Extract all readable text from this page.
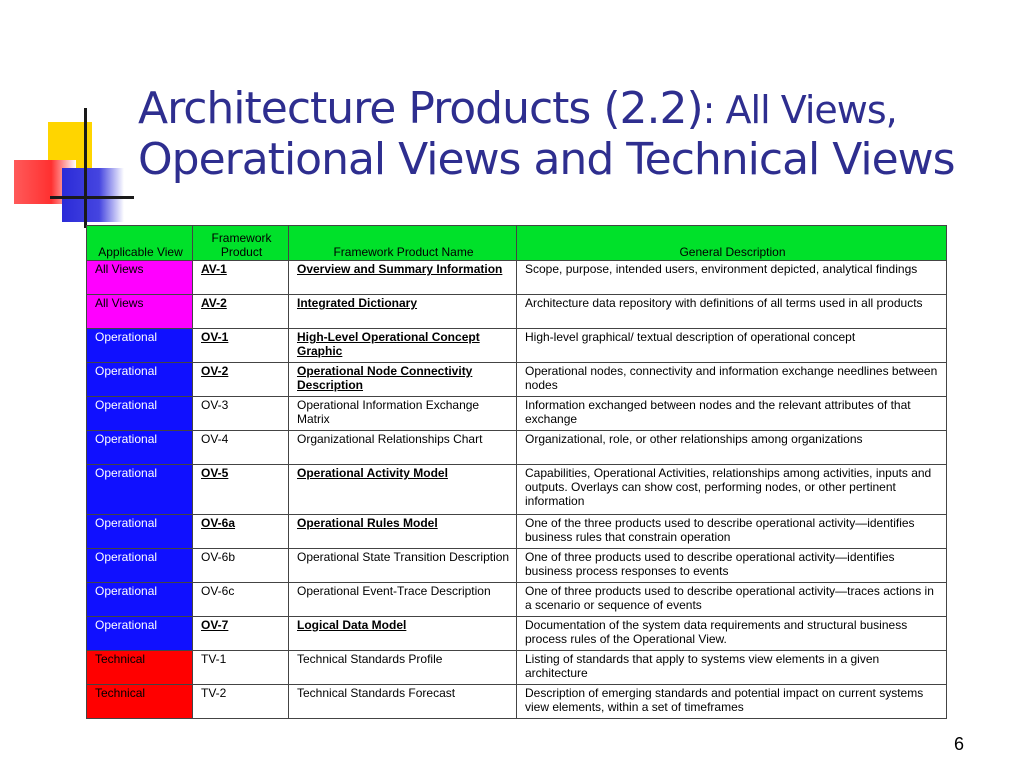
Architecture Products (2.2): All Views,
Operational Views and Technical Views
Applicable View	Framework Product	Framework Product Name	General Description
All Views	AV-1	Overview and Summary Information	Scope, purpose, intended users, environment depicted, analytical findings
All Views	AV-2	Integrated Dictionary	Architecture data repository with definitions of all terms used in all products
Operational	OV-1	High-Level Operational Concept Graphic	High-level graphical/ textual description of operational concept
Operational	OV-2	Operational Node Connectivity Description	Operational nodes, connectivity and information exchange needlines between nodes
Operational	OV-3	Operational Information Exchange Matrix	Information exchanged between nodes and the relevant attributes of that exchange
Operational	OV-4	Organizational Relationships Chart	Organizational, role, or other relationships among organizations
Operational	OV-5	Operational Activity Model	Capabilities, Operational Activities, relationships among activities, inputs and outputs. Overlays can show cost, performing nodes, or other pertinent information
Operational	OV-6a	Operational Rules Model	One of the three products used to describe operational activity—identifies business rules that constrain operation
Operational	OV-6b	Operational State Transition Description	One of three products used to describe operational activity—identifies business process responses to events
Operational	OV-6c	Operational Event-Trace Description	One of three products used to describe operational activity—traces actions in a scenario or sequence of events
Operational	OV-7	Logical Data Model	Documentation of the system data requirements and structural business process rules of the Operational View.
Technical	TV-1	Technical Standards Profile	Listing of standards that apply to systems view elements in a given architecture
Technical	TV-2	Technical Standards Forecast	Description of emerging standards and potential impact on current systems view elements, within a set of timeframes
6
